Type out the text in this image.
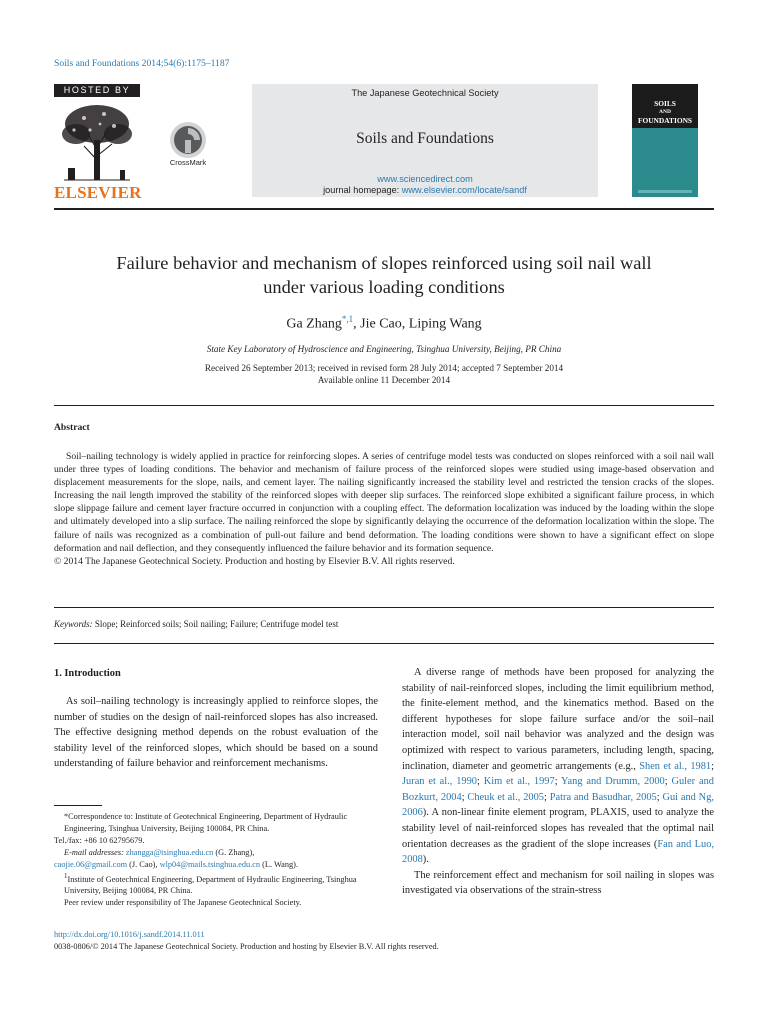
Soils and Foundations 2014;54(6):1175–1187
HOSTED BY
ELSEVIER
CrossMark
The Japanese Geotechnical Society
Soils and Foundations
www.sciencedirect.com
journal homepage: www.elsevier.com/locate/sandf
SOILS
AND
FOUNDATIONS
Failure behavior and mechanism of slopes reinforced using soil nail wall
under various loading conditions
Ga Zhang$^{*,1}$, Jie Cao, Liping Wang
State Key Laboratory of Hydroscience and Engineering, Tsinghua University, Beijing, PR China
Received 26 September 2013; received in revised form 28 July 2014; accepted 7 September 2014
Available online 11 December 2014
Abstract
Soil–nailing technology is widely applied in practice for reinforcing slopes. A series of centrifuge model tests was conducted on slopes reinforced with a soil nail wall under three types of loading conditions. The behavior and mechanism of failure process of the reinforced slopes were studied using image-based observation and displacement measurements for the slope, nails, and cement layer. The nailing significantly increased the stability level and restricted the tension cracks of the slopes. Increasing the nail length improved the stability of the reinforced slopes with deeper slip surfaces. The reinforced slope exhibited a significant failure process, in which slope slippage failure and cement layer fracture occurred in conjunction with a coupling effect. The deformation localization was induced by the loading within the slope and ultimately developed into a slip surface. The nailing reinforced the slope by significantly delaying the occurrence of the deformation localization within the slope. The failure of nails was recognized as a combination of pull-out failure and bend deformation. The loading conditions were shown to have a significant effect on slope deformation and nail deflection, and they consequently influenced the failure behavior and its formation sequence.
© 2014 The Japanese Geotechnical Society. Production and hosting by Elsevier B.V. All rights reserved.
Keywords: Slope; Reinforced soils; Soil nailing; Failure; Centrifuge model test
1. Introduction
As soil–nailing technology is increasingly applied to reinforce slopes, the number of studies on the design of nail-reinforced slopes has also increased. The effective designing method depends on the robust evaluation of the stability level of the reinforced slopes, which should be based on a sound understanding of failure behavior and reinforcement mechanisms.
*Correspondence to: Institute of Geotechnical Engineering, Department of Hydraulic Engineering, Tsinghua University, Beijing 100084, PR China.
Tel./fax: +86 10 62795679.
E-mail addresses: zhangga@tsinghua.edu.cn (G. Zhang),
caojie.06@gmail.com (J. Cao), wlp04@mails.tsinghua.edu.cn (L. Wang).
$^1$Institute of Geotechnical Engineering, Department of Hydraulic Engineering, Tsinghua University, Beijing 100084, PR China.
Peer review under responsibility of The Japanese Geotechnical Society.
A diverse range of methods have been proposed for analyzing the stability of nail-reinforced slopes, including the limit equilibrium method, the finite-element method, and the kinematics method. Based on the different hypotheses for slope failure surface and/or the soil–nail interaction model, soil nail behavior was analyzed and the design was optimized with respect to various parameters, including length, spacing, inclination, diameter and geometric arrangements (e.g., Shen et al., 1981; Juran et al., 1990; Kim et al., 1997; Yang and Drumm, 2000; Guler and Bozkurt, 2004; Cheuk et al., 2005; Patra and Basudhar, 2005; Gui and Ng, 2006). A non-linear finite element program, PLAXIS, used to analyze the stability level of nail-reinforced slopes has revealed that the optimal nail orientation decreases as the gradient of the slope increases (Fan and Luo, 2008).
The reinforcement effect and mechanism for soil nailing in slopes was investigated via observations of the strain-stress
http://dx.doi.org/10.1016/j.sandf.2014.11.011
0038-0806/© 2014 The Japanese Geotechnical Society. Production and hosting by Elsevier B.V. All rights reserved.
